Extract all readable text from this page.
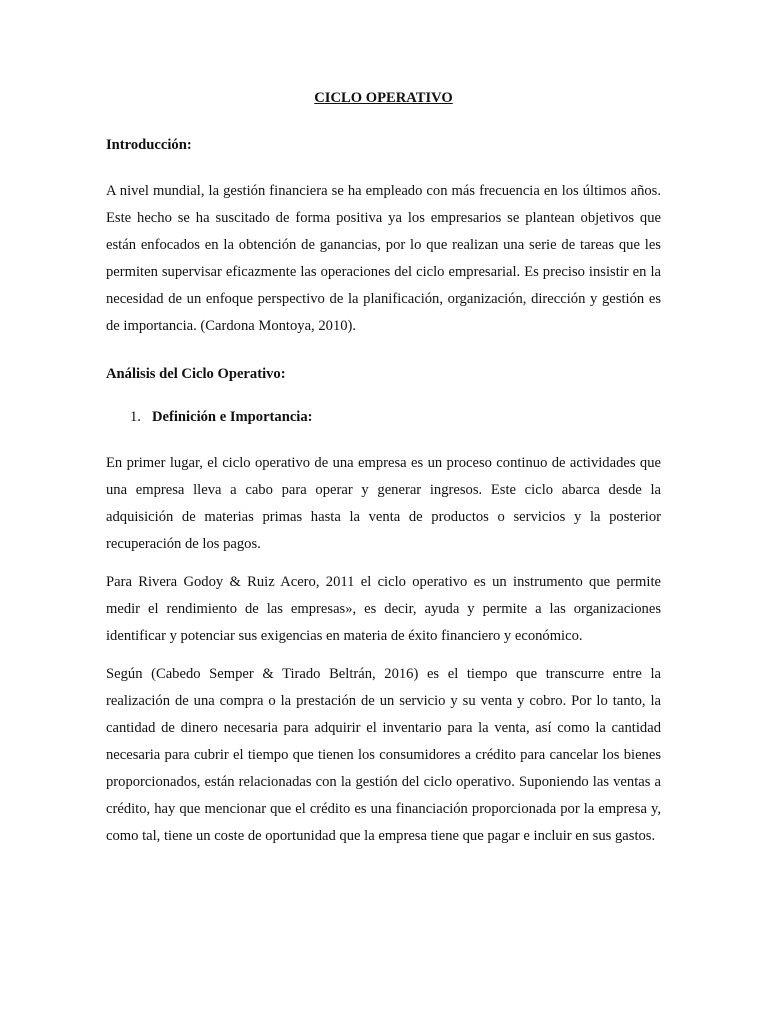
CICLO OPERATIVO

Introducción:

A nivel mundial, la gestión financiera se ha empleado con más frecuencia en los últimos años. Este hecho se ha suscitado de forma positiva ya los empresarios se plantean objetivos que están enfocados en la obtención de ganancias, por lo que realizan una serie de tareas que les permiten supervisar eficazmente las operaciones del ciclo empresarial. Es preciso insistir en la necesidad de un enfoque perspectivo de la planificación, organización, dirección y gestión es de importancia. (Cardona Montoya, 2010).

Análisis del Ciclo Operativo:

1. Definición e Importancia:

En primer lugar, el ciclo operativo de una empresa es un proceso continuo de actividades que una empresa lleva a cabo para operar y generar ingresos. Este ciclo abarca desde la adquisición de materias primas hasta la venta de productos o servicios y la posterior recuperación de los pagos.

Para Rivera Godoy & Ruiz Acero, 2011 el ciclo operativo es un instrumento que permite medir el rendimiento de las empresas», es decir, ayuda y permite a las organizaciones identificar y potenciar sus exigencias en materia de éxito financiero y económico.

Según (Cabedo Semper & Tirado Beltrán, 2016) es el tiempo que transcurre entre la realización de una compra o la prestación de un servicio y su venta y cobro. Por lo tanto, la cantidad de dinero necesaria para adquirir el inventario para la venta, así como la cantidad necesaria para cubrir el tiempo que tienen los consumidores a crédito para cancelar los bienes proporcionados, están relacionadas con la gestión del ciclo operativo. Suponiendo las ventas a crédito, hay que mencionar que el crédito es una financiación proporcionada por la empresa y, como tal, tiene un coste de oportunidad que la empresa tiene que pagar e incluir en sus gastos.
